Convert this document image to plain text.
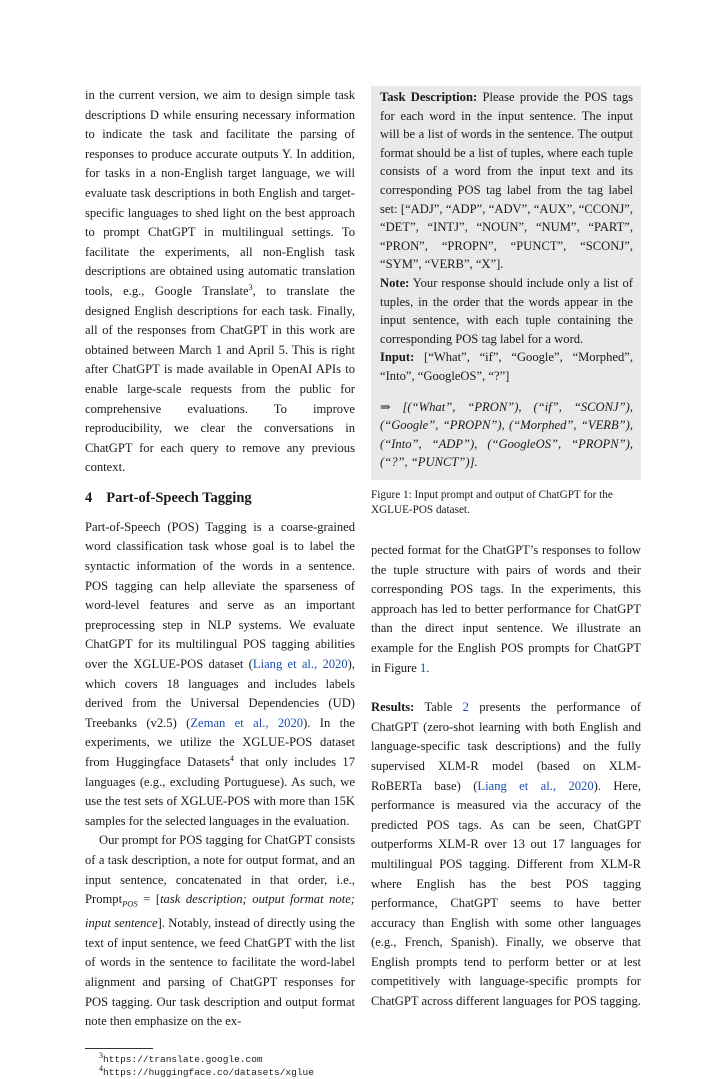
in the current version, we aim to design simple task descriptions D while ensuring necessary information to indicate the task and facilitate the parsing of responses to produce accurate outputs Y. In addition, for tasks in a non-English target language, we will evaluate task descriptions in both English and target-specific languages to shed light on the best approach to prompt ChatGPT in multilingual settings. To facilitate the experiments, all non-English task descriptions are obtained using automatic translation tools, e.g., Google Translate$^3$, to translate the designed English descriptions for each task. Finally, all of the responses from ChatGPT in this work are obtained between March 1 and April 5. This is right after ChatGPT is made available in OpenAI APIs to enable large-scale requests from the public for comprehensive evaluations. To improve reproducibility, we clear the conversations in ChatGPT for each query to remove any previous context.

4 Part-of-Speech Tagging

Part-of-Speech (POS) Tagging is a coarse-grained word classification task whose goal is to label the syntactic information of the words in a sentence. POS tagging can help alleviate the sparseness of word-level features and serve as an important preprocessing step in NLP systems. We evaluate ChatGPT for its multilingual POS tagging abilities over the XGLUE-POS dataset (Liang et al., 2020), which covers 18 languages and includes labels derived from the Universal Dependencies (UD) Treebanks (v2.5) (Zeman et al., 2020). In the experiments, we utilize the XGLUE-POS dataset from Huggingface Datasets$^4$ that only includes 17 languages (e.g., excluding Portuguese). As such, we use the test sets of XGLUE-POS with more than 15K samples for the selected languages in the evaluation.

Our prompt for POS tagging for ChatGPT consists of a task description, a note for output format, and an input sentence, concatenated in that order, i.e., Prompt$_{POS}$ = [task description; output format note; input sentence]. Notably, instead of directly using the text of input sentence, we feed ChatGPT with the list of words in the sentence to facilitate the word-label alignment and parsing of ChatGPT responses for POS tagging. Our task description and output format note then emphasize on the ex-

$^3$https://translate.google.com
$^4$https://huggingface.co/datasets/xglue

Task Description: Please provide the POS tags for each word in the input sentence. The input will be a list of words in the sentence. The output format should be a list of tuples, where each tuple consists of a word from the input text and its corresponding POS tag label from the tag label set: [“ADJ”, “ADP”, “ADV”, “AUX”, “CCONJ”, “DET”, “INTJ”, “NOUN”, “NUM”, “PART”, “PRON”, “PROPN”, “PUNCT”, “SCONJ”, “SYM”, “VERB”, “X”].

Note: Your response should include only a list of tuples, in the order that the words appear in the input sentence, with each tuple containing the corresponding POS tag label for a word.

Input: [“What”, “if”, “Google”, “Morphed”, “Into”, “GoogleOS”, “?”]

⇒ [(“What”, “PRON”), (“if”, “SCONJ”), (“Google”, “PROPN”), (“Morphed”, “VERB”), (“Into”, “ADP”), (“GoogleOS”, “PROPN”), (“?”, “PUNCT”)].

Figure 1: Input prompt and output of ChatGPT for the XGLUE-POS dataset.

pected format for the ChatGPT’s responses to follow the tuple structure with pairs of words and their corresponding POS tags. In the experiments, this approach has led to better performance for ChatGPT than the direct input sentence. We illustrate an example for the English POS prompts for ChatGPT in Figure 1.

Results: Table 2 presents the performance of ChatGPT (zero-shot learning with both English and language-specific task descriptions) and the fully supervised XLM-R model (based on XLM-RoBERTa base) (Liang et al., 2020). Here, performance is measured via the accuracy of the predicted POS tags. As can be seen, ChatGPT outperforms XLM-R over 13 out 17 languages for multilingual POS tagging. Different from XLM-R where English has the best POS tagging performance, ChatGPT seems to have better accuracy than English with some other languages (e.g., French, Spanish). Finally, we observe that English prompts tend to perform better or at lest competitively with language-specific prompts for ChatGPT across different languages for POS tagging.
